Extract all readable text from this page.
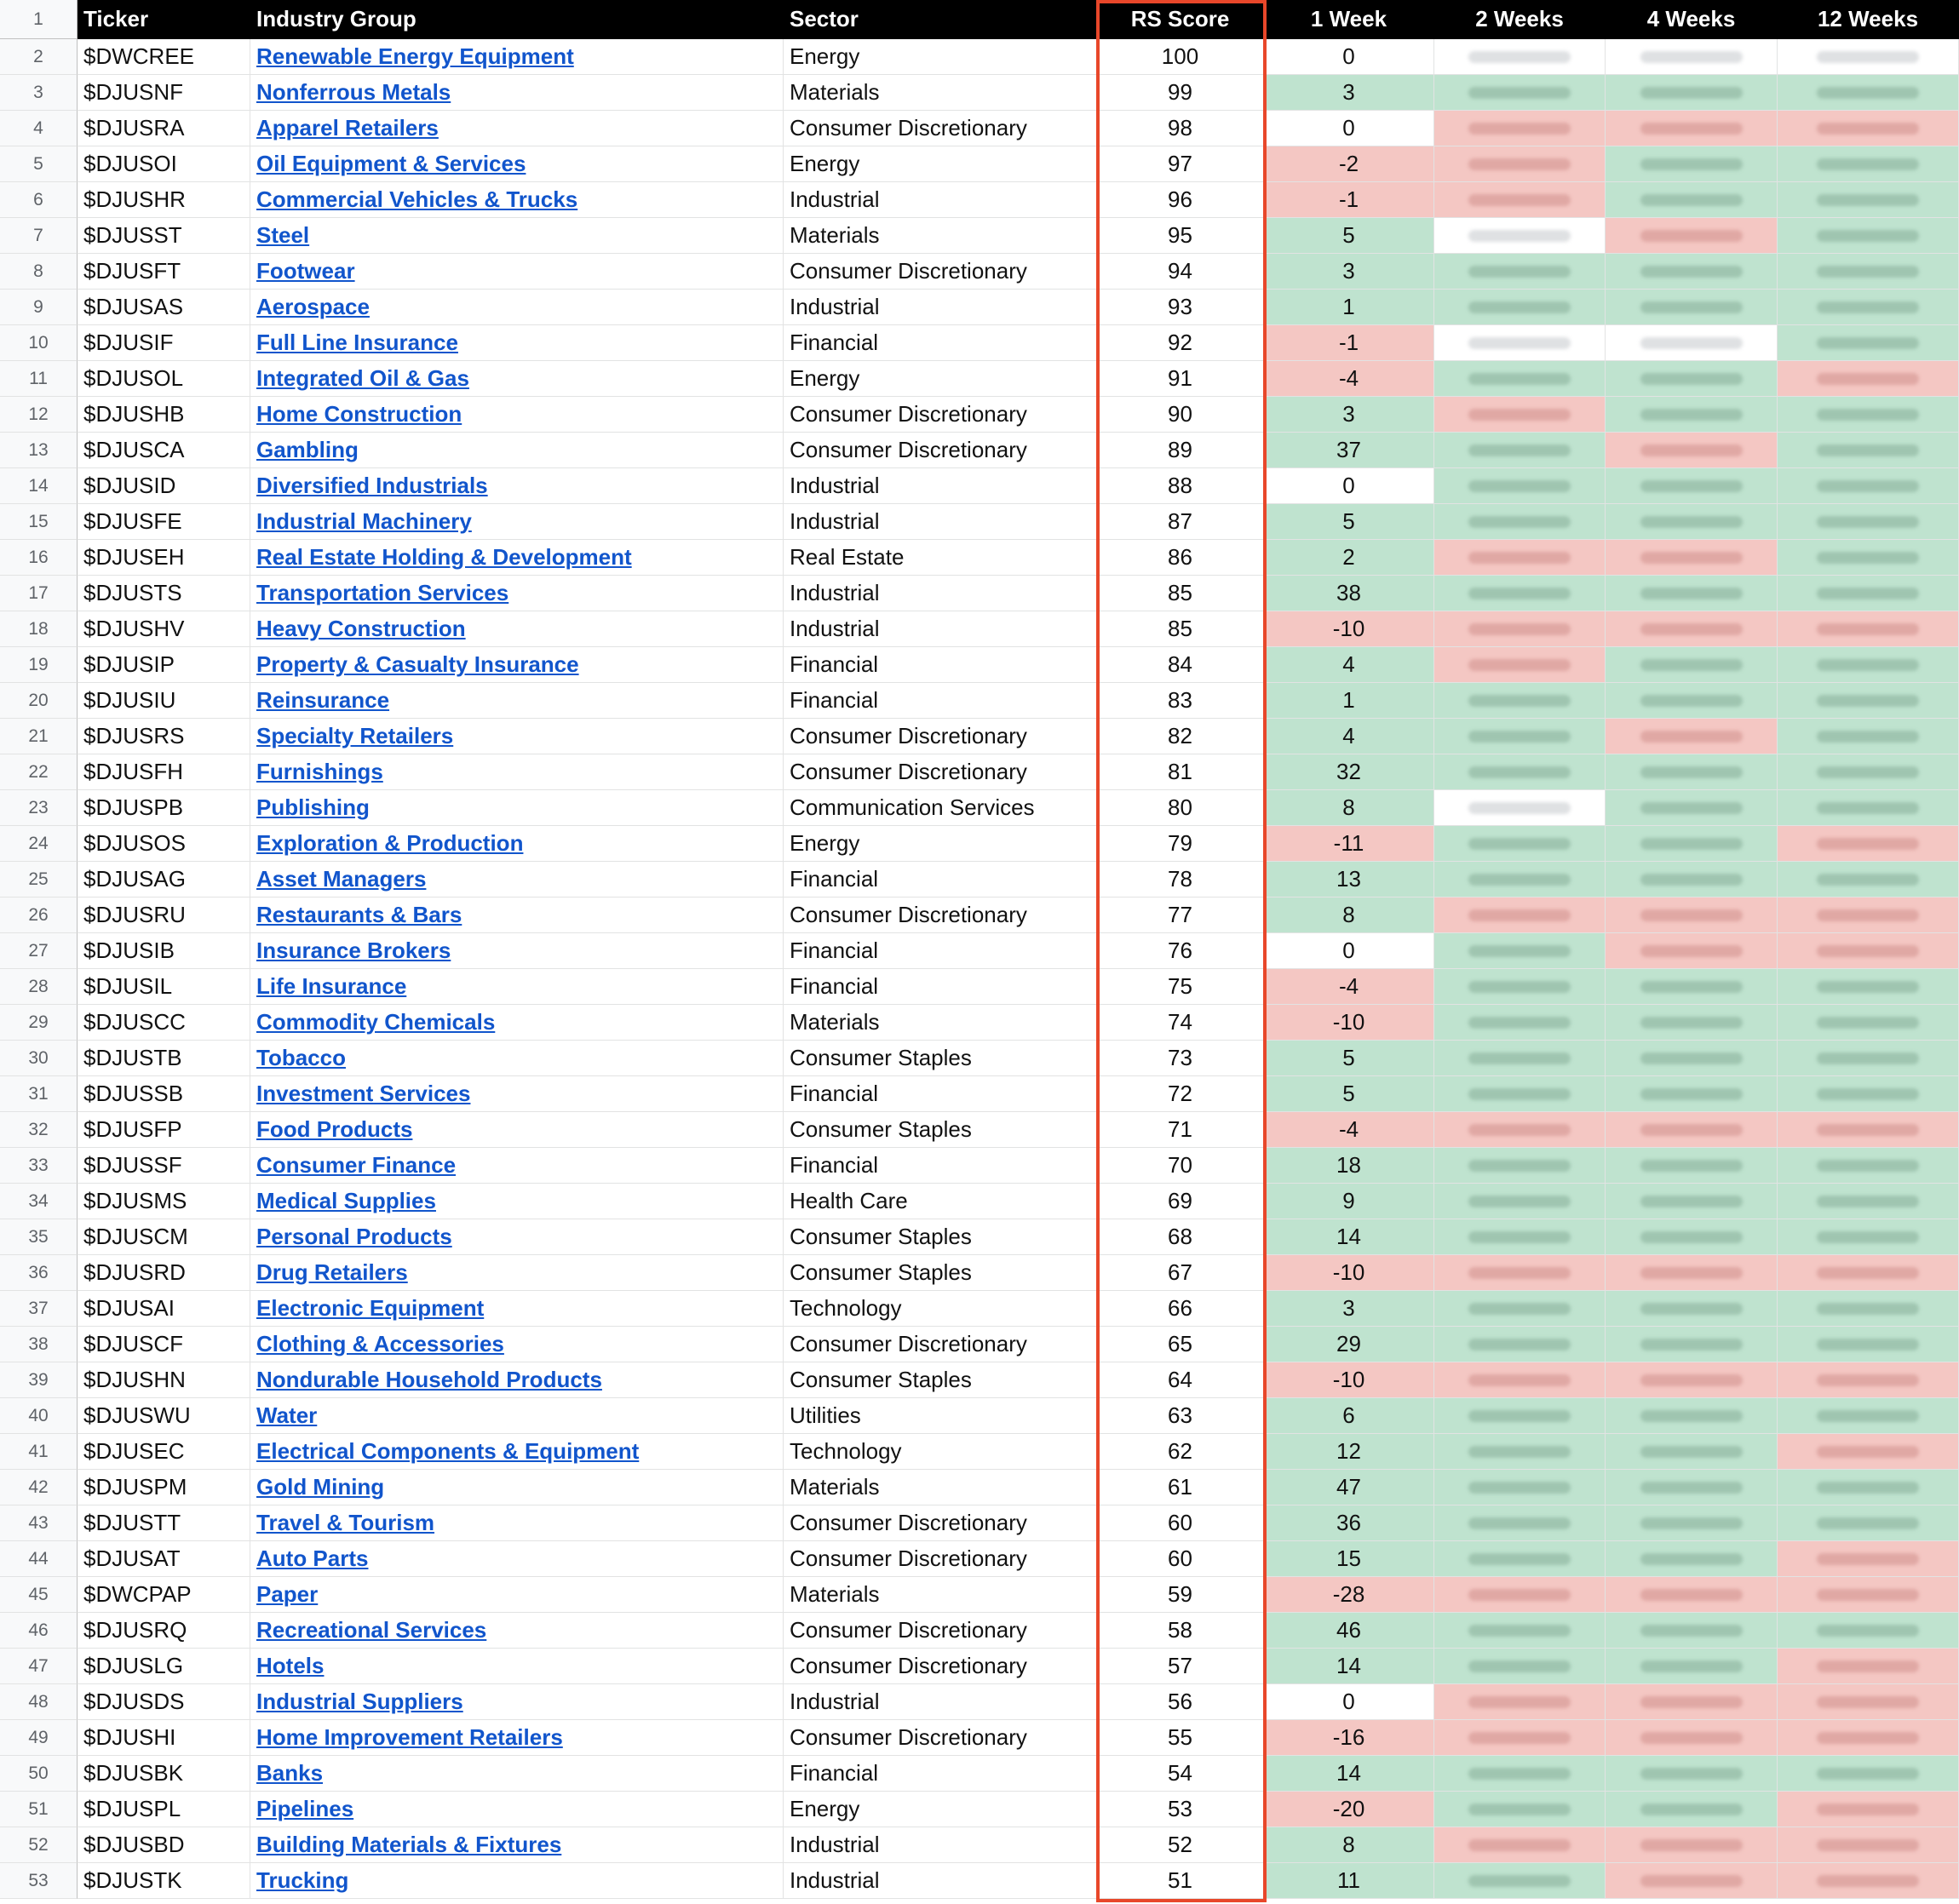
1	Ticker	Industry Group	Sector	RS Score	1 Week	2 Weeks	4 Weeks	12 Weeks
2	$DWCREE	Renewable Energy Equipment	Energy	100	0
3	$DJUSNF	Nonferrous Metals	Materials	99	3
4	$DJUSRA	Apparel Retailers	Consumer Discretionary	98	0
5	$DJUSOI	Oil Equipment & Services	Energy	97	-2
6	$DJUSHR	Commercial Vehicles & Trucks	Industrial	96	-1
7	$DJUSST	Steel	Materials	95	5
8	$DJUSFT	Footwear	Consumer Discretionary	94	3
9	$DJUSAS	Aerospace	Industrial	93	1
10	$DJUSIF	Full Line Insurance	Financial	92	-1
11	$DJUSOL	Integrated Oil & Gas	Energy	91	-4
12	$DJUSHB	Home Construction	Consumer Discretionary	90	3
13	$DJUSCA	Gambling	Consumer Discretionary	89	37
14	$DJUSID	Diversified Industrials	Industrial	88	0
15	$DJUSFE	Industrial Machinery	Industrial	87	5
16	$DJUSEH	Real Estate Holding & Development	Real Estate	86	2
17	$DJUSTS	Transportation Services	Industrial	85	38
18	$DJUSHV	Heavy Construction	Industrial	85	-10
19	$DJUSIP	Property & Casualty Insurance	Financial	84	4
20	$DJUSIU	Reinsurance	Financial	83	1
21	$DJUSRS	Specialty Retailers	Consumer Discretionary	82	4
22	$DJUSFH	Furnishings	Consumer Discretionary	81	32
23	$DJUSPB	Publishing	Communication Services	80	8
24	$DJUSOS	Exploration & Production	Energy	79	-11
25	$DJUSAG	Asset Managers	Financial	78	13
26	$DJUSRU	Restaurants & Bars	Consumer Discretionary	77	8
27	$DJUSIB	Insurance Brokers	Financial	76	0
28	$DJUSIL	Life Insurance	Financial	75	-4
29	$DJUSCC	Commodity Chemicals	Materials	74	-10
30	$DJUSTB	Tobacco	Consumer Staples	73	5
31	$DJUSSB	Investment Services	Financial	72	5
32	$DJUSFP	Food Products	Consumer Staples	71	-4
33	$DJUSSF	Consumer Finance	Financial	70	18
34	$DJUSMS	Medical Supplies	Health Care	69	9
35	$DJUSCM	Personal Products	Consumer Staples	68	14
36	$DJUSRD	Drug Retailers	Consumer Staples	67	-10
37	$DJUSAI	Electronic Equipment	Technology	66	3
38	$DJUSCF	Clothing & Accessories	Consumer Discretionary	65	29
39	$DJUSHN	Nondurable Household Products	Consumer Staples	64	-10
40	$DJUSWU	Water	Utilities	63	6
41	$DJUSEC	Electrical Components & Equipment	Technology	62	12
42	$DJUSPM	Gold Mining	Materials	61	47
43	$DJUSTT	Travel & Tourism	Consumer Discretionary	60	36
44	$DJUSAT	Auto Parts	Consumer Discretionary	60	15
45	$DWCPAP	Paper	Materials	59	-28
46	$DJUSRQ	Recreational Services	Consumer Discretionary	58	46
47	$DJUSLG	Hotels	Consumer Discretionary	57	14
48	$DJUSDS	Industrial Suppliers	Industrial	56	0
49	$DJUSHI	Home Improvement Retailers	Consumer Discretionary	55	-16
50	$DJUSBK	Banks	Financial	54	14
51	$DJUSPL	Pipelines	Energy	53	-20
52	$DJUSBD	Building Materials & Fixtures	Industrial	52	8
53	$DJUSTK	Trucking	Industrial	51	11
